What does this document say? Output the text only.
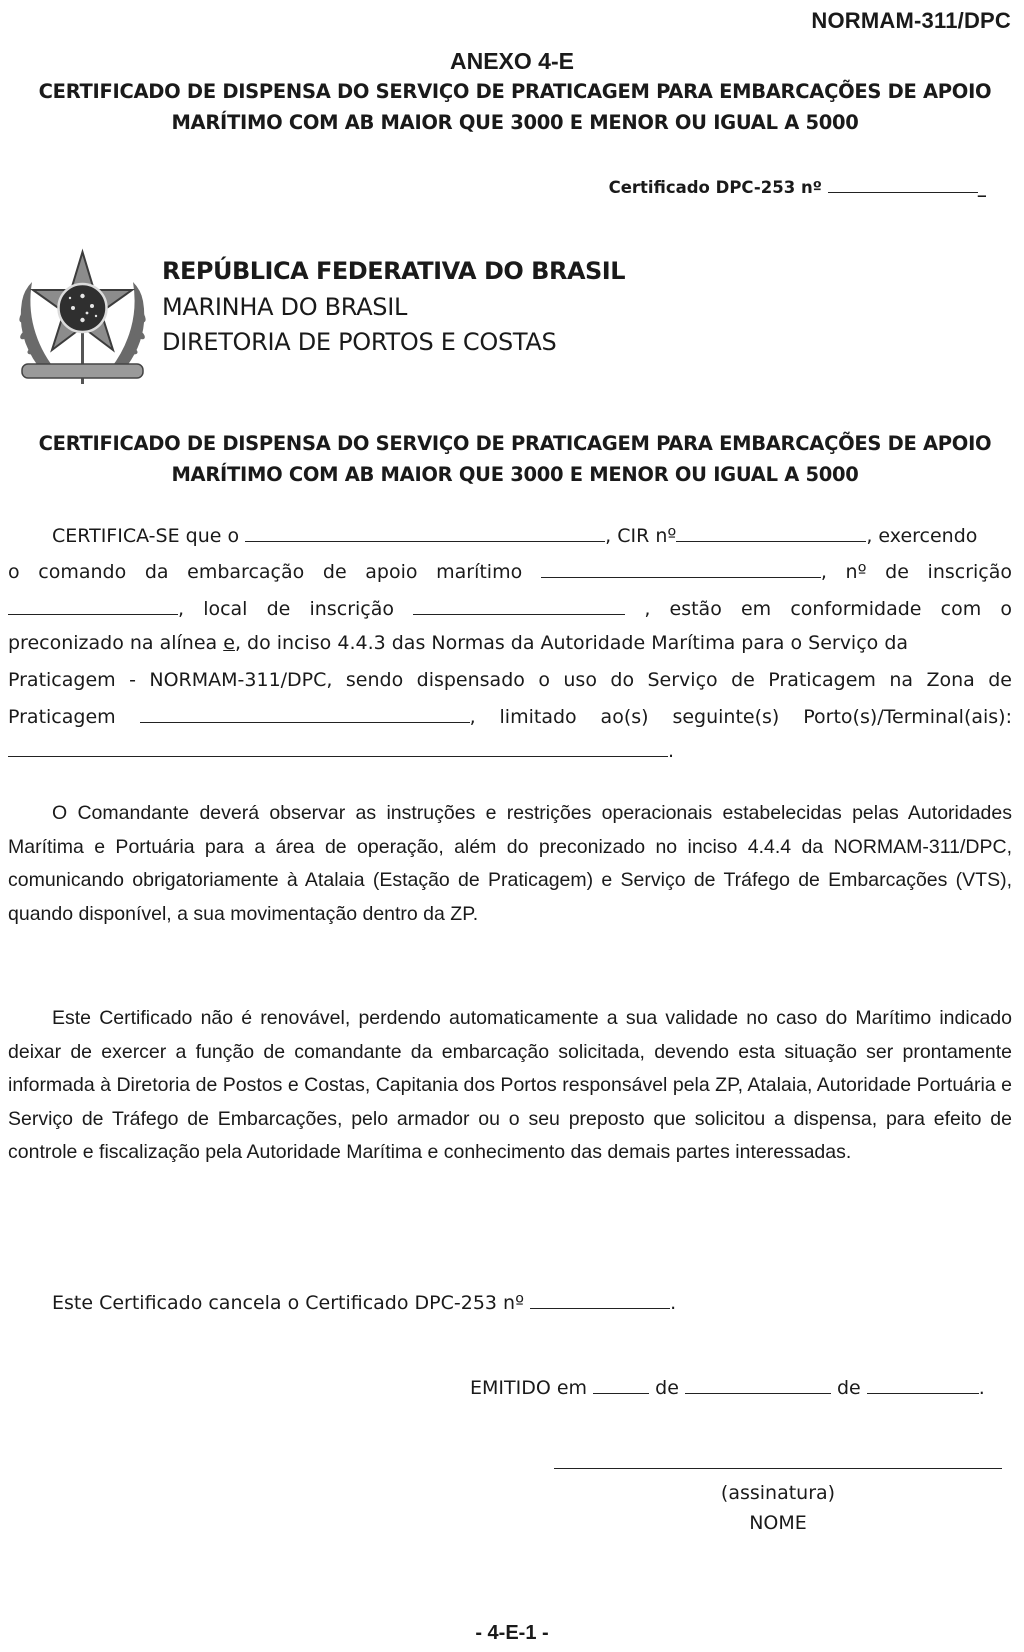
NORMAM-311/DPC
ANEXO 4-E
CERTIFICADO DE DISPENSA DO SERVIÇO DE PRATICAGEM PARA EMBARCAÇÕES DE APOIO
MARÍTIMO COM AB MAIOR QUE 3000 E MENOR OU IGUAL A 5000
Certificado DPC-253 nº	_
REPÚBLICA FEDERATIVA DO BRASIL
MARINHA DO BRASIL
DIRETORIA DE PORTOS E COSTAS
CERTIFICADO DE DISPENSA DO SERVIÇO DE PRATICAGEM PARA EMBARCAÇÕES DE APOIO
MARÍTIMO COM AB MAIOR QUE 3000 E MENOR OU IGUAL A 5000
CERTIFICA-SE que o	, CIR nº	, exercendo
o comando da embarcação de apoio marítimo	, nº de inscrição
, local de inscrição	, estão em conformidade com o
preconizado na alínea e, do inciso 4.4.3 das Normas da Autoridade Marítima para o Serviço da
Praticagem - NORMAM-311/DPC, sendo dispensado o uso do Serviço de Praticagem na Zona de
Praticagem	, limitado ao(s) seguinte(s) Porto(s)/Terminal(ais):
.
O Comandante deverá observar as instruções e restrições operacionais estabelecidas pelas Autoridades Marítima e Portuária para a área de operação, além do preconizado no inciso 4.4.4 da NORMAM-311/DPC, comunicando obrigatoriamente à Atalaia (Estação de Praticagem) e Serviço de Tráfego de Embarcações (VTS), quando disponível, a sua movimentação dentro da ZP.
Este Certificado não é renovável, perdendo automaticamente a sua validade no caso do Marítimo indicado deixar de exercer a função de comandante da embarcação solicitada, devendo esta situação ser prontamente informada à Diretoria de Postos e Costas, Capitania dos Portos responsável pela ZP, Atalaia, Autoridade Portuária e Serviço de Tráfego de Embarcações, pelo armador ou o seu preposto que solicitou a dispensa, para efeito de controle e fiscalização pela Autoridade Marítima e conhecimento das demais partes interessadas.
Este Certificado cancela o Certificado DPC-253 nº	.
EMITIDO em	de	de	.
(assinatura)
NOME
- 4-E-1 -
